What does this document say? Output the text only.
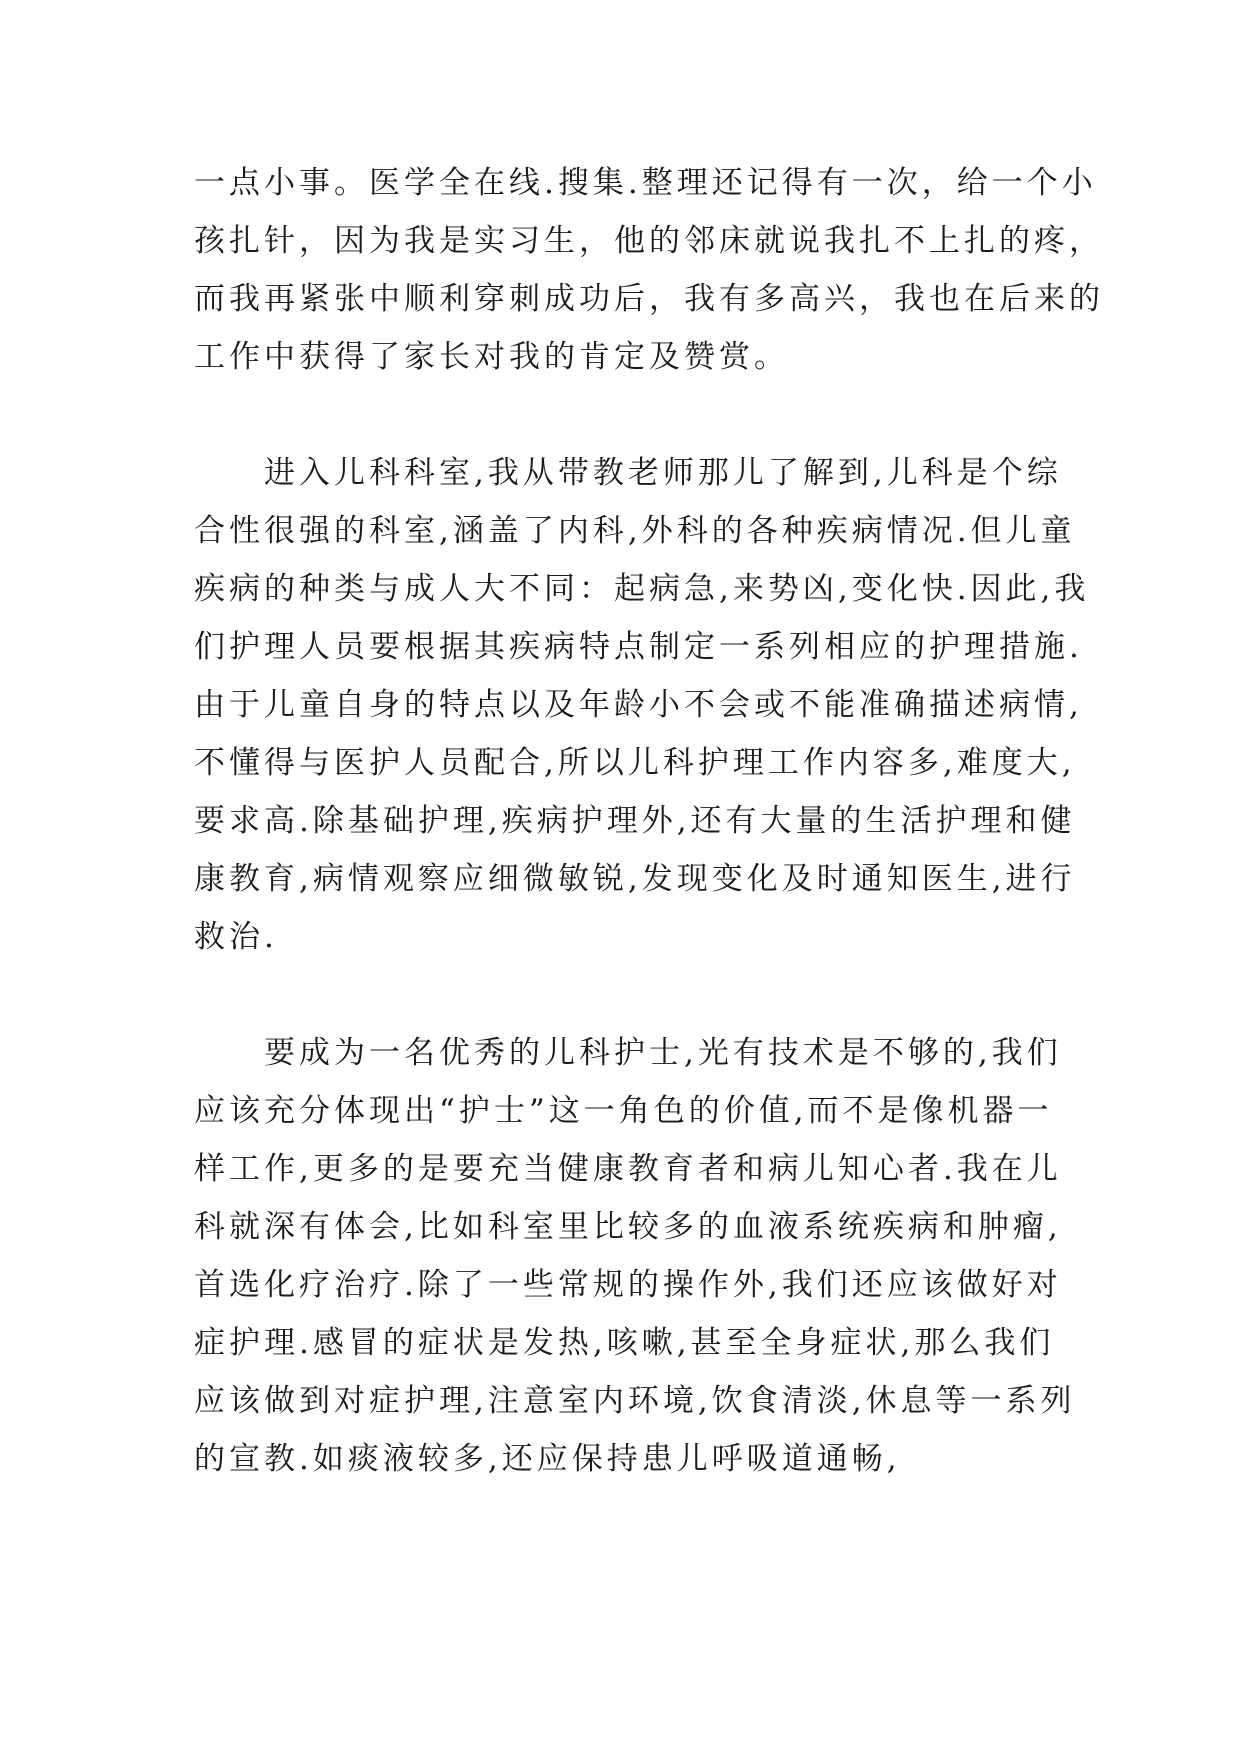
一点小事。医学全在线.搜集.整理还记得有一次，给一个小
孩扎针，因为我是实习生，他的邻床就说我扎不上扎的疼，
而我再紧张中顺利穿刺成功后，我有多高兴，我也在后来的
工作中获得了家长对我的肯定及赞赏。
　　进入儿科科室,我从带教老师那儿了解到,儿科是个综
合性很强的科室,涵盖了内科,外科的各种疾病情况.但儿童
疾病的种类与成人大不同：起病急,来势凶,变化快.因此,我
们护理人员要根据其疾病特点制定一系列相应的护理措施.
由于儿童自身的特点以及年龄小不会或不能准确描述病情,
不懂得与医护人员配合,所以儿科护理工作内容多,难度大,
要求高.除基础护理,疾病护理外,还有大量的生活护理和健
康教育,病情观察应细微敏锐,发现变化及时通知医生,进行
救治.
　　要成为一名优秀的儿科护士,光有技术是不够的,我们
应该充分体现出“护士”这一角色的价值,而不是像机器一
样工作,更多的是要充当健康教育者和病儿知心者.我在儿
科就深有体会,比如科室里比较多的血液系统疾病和肿瘤,
首选化疗治疗.除了一些常规的操作外,我们还应该做好对
症护理.感冒的症状是发热,咳嗽,甚至全身症状,那么我们
应该做到对症护理,注意室内环境,饮食清淡,休息等一系列
的宣教.如痰液较多,还应保持患儿呼吸道通畅,
